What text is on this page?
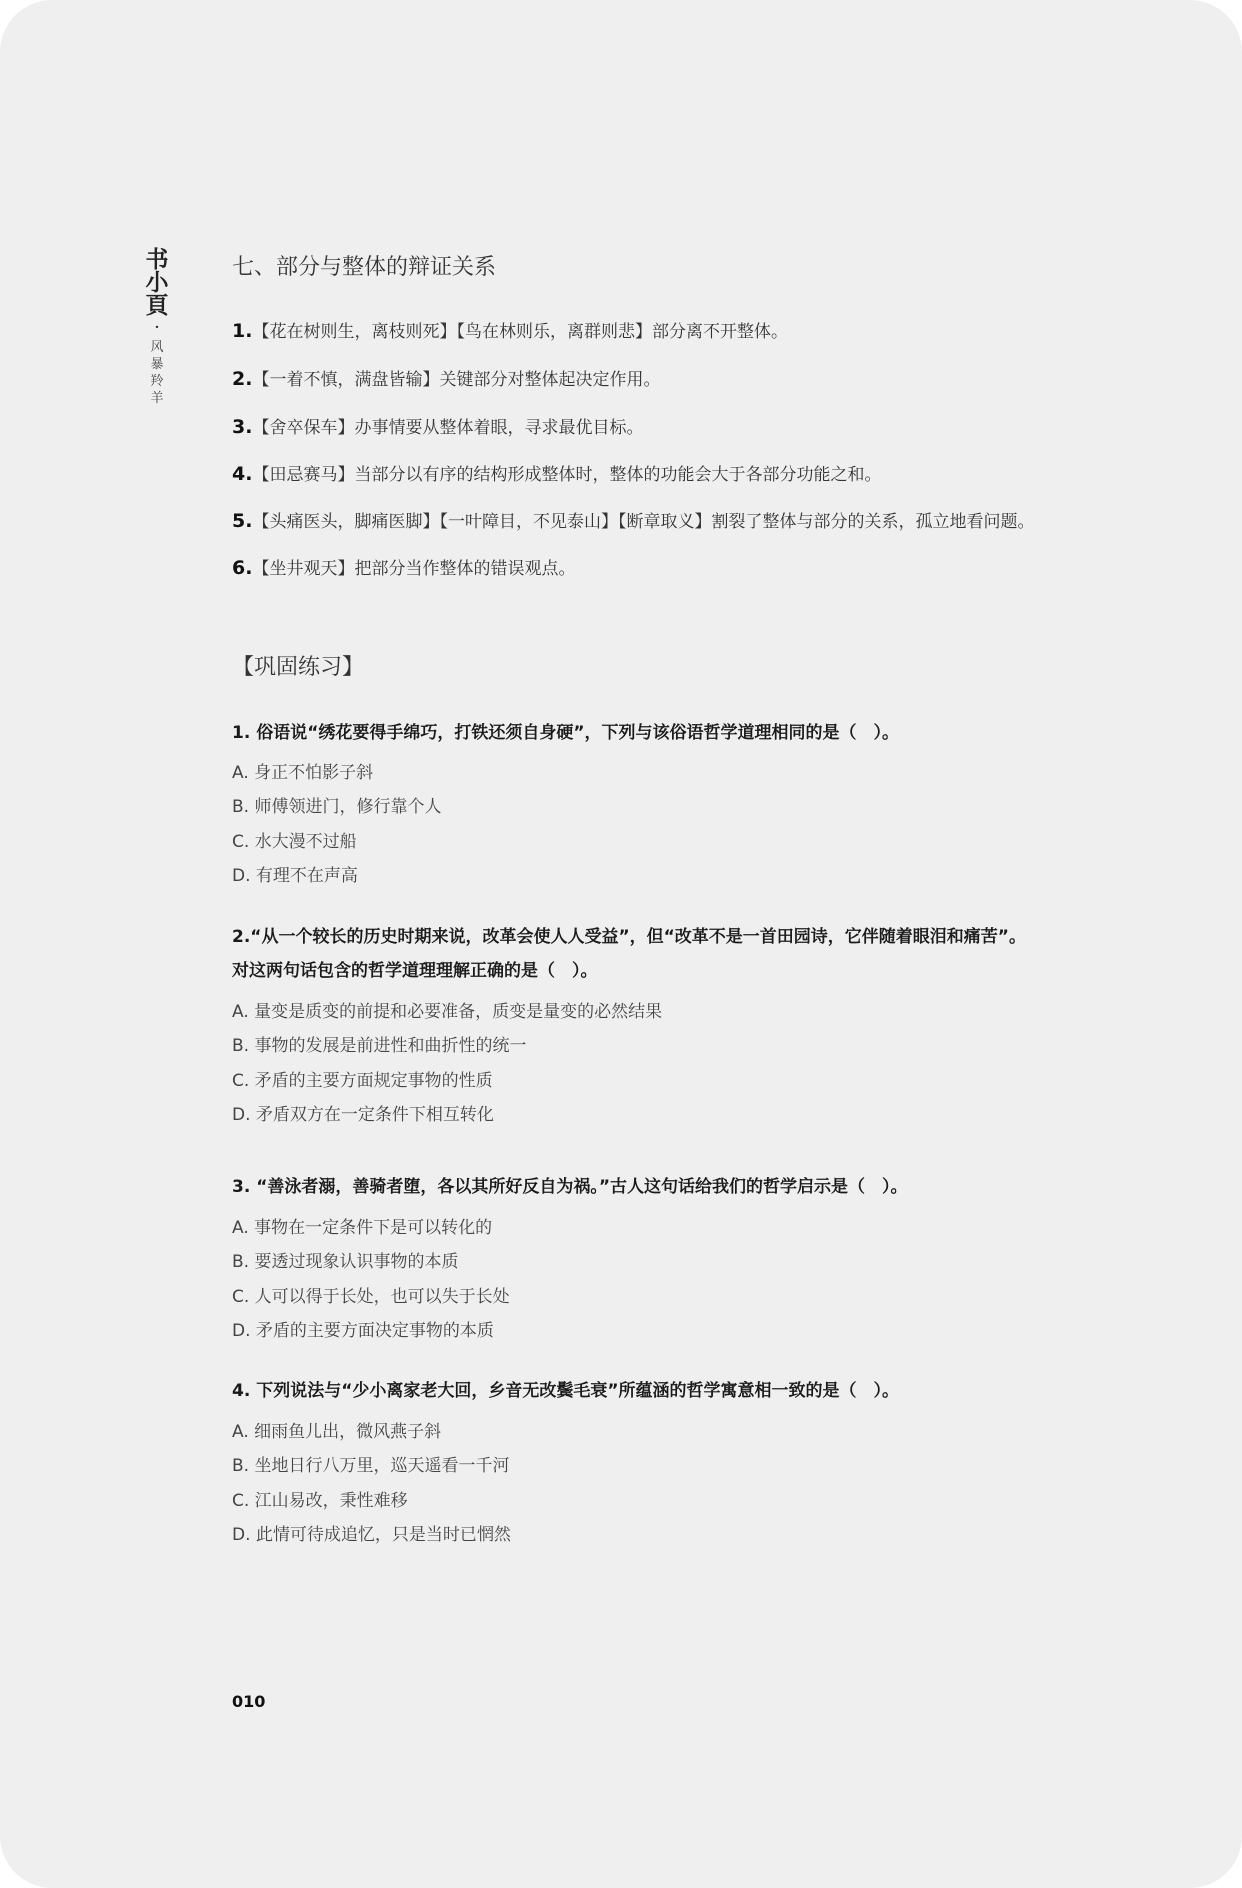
书小頁
·
风暴羚羊
七、部分与整体的辩证关系
1.【花在树则生，离枝则死】【鸟在林则乐，离群则悲】部分离不开整体。
2.【一着不慎，满盘皆输】关键部分对整体起决定作用。
3.【舍卒保车】办事情要从整体着眼，寻求最优目标。
4.【田忌赛马】当部分以有序的结构形成整体时，整体的功能会大于各部分功能之和。
5.【头痛医头，脚痛医脚】【一叶障目，不见泰山】【断章取义】割裂了整体与部分的关系，孤立地看问题。
6.【坐井观天】把部分当作整体的错误观点。
【巩固练习】
1. 俗语说“绣花要得手绵巧，打铁还须自身硬”，下列与该俗语哲学道理相同的是（　）。
A. 身正不怕影子斜
B. 师傅领进门，修行靠个人
C. 水大漫不过船
D. 有理不在声高
2.“从一个较长的历史时期来说，改革会使人人受益”，但“改革不是一首田园诗，它伴随着眼泪和痛苦”。
对这两句话包含的哲学道理理解正确的是（　）。
A. 量变是质变的前提和必要准备，质变是量变的必然结果
B. 事物的发展是前进性和曲折性的统一
C. 矛盾的主要方面规定事物的性质
D. 矛盾双方在一定条件下相互转化
3. “善泳者溺，善骑者堕，各以其所好反自为祸。”古人这句话给我们的哲学启示是（　）。
A. 事物在一定条件下是可以转化的
B. 要透过现象认识事物的本质
C. 人可以得于长处，也可以失于长处
D. 矛盾的主要方面决定事物的本质
4. 下列说法与“少小离家老大回，乡音无改鬓毛衰”所蕴涵的哲学寓意相一致的是（　）。
A. 细雨鱼儿出，微风燕子斜
B. 坐地日行八万里，巡天遥看一千河
C. 江山易改，秉性难移
D. 此情可待成追忆，只是当时已惘然
010
